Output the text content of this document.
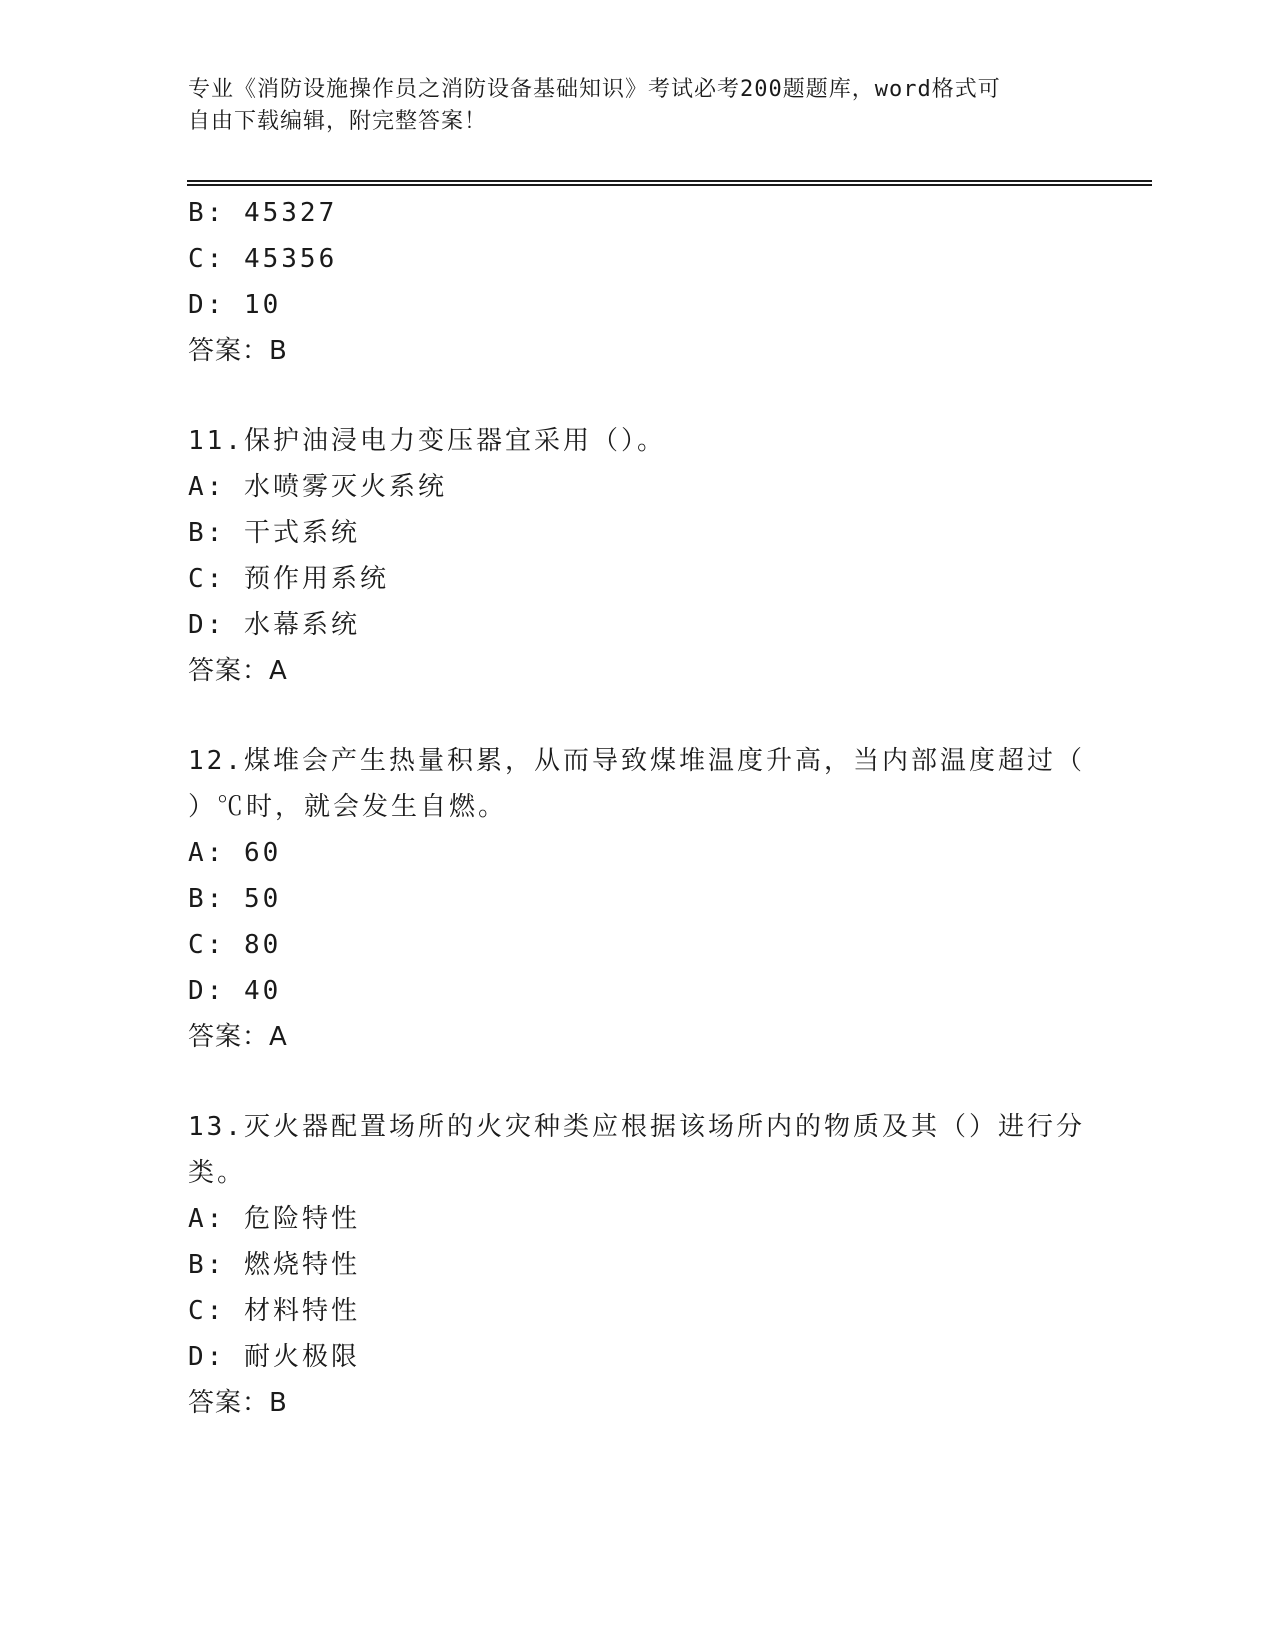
专业《消防设施操作员之消防设备基础知识》考试必考200题题库，word格式可
自由下载编辑，附完整答案！
B: 45327
C: 45356
D: 10
答案：B
11.保护油浸电力变压器宜采用（）。
A: 水喷雾灭火系统
B: 干式系统
C: 预作用系统
D: 水幕系统
答案：A
12.煤堆会产生热量积累，从而导致煤堆温度升高，当内部温度超过（
）℃时，就会发生自燃。
A: 60
B: 50
C: 80
D: 40
答案：A
13.灭火器配置场所的火灾种类应根据该场所内的物质及其（）进行分
类。
A: 危险特性
B: 燃烧特性
C: 材料特性
D: 耐火极限
答案：B
